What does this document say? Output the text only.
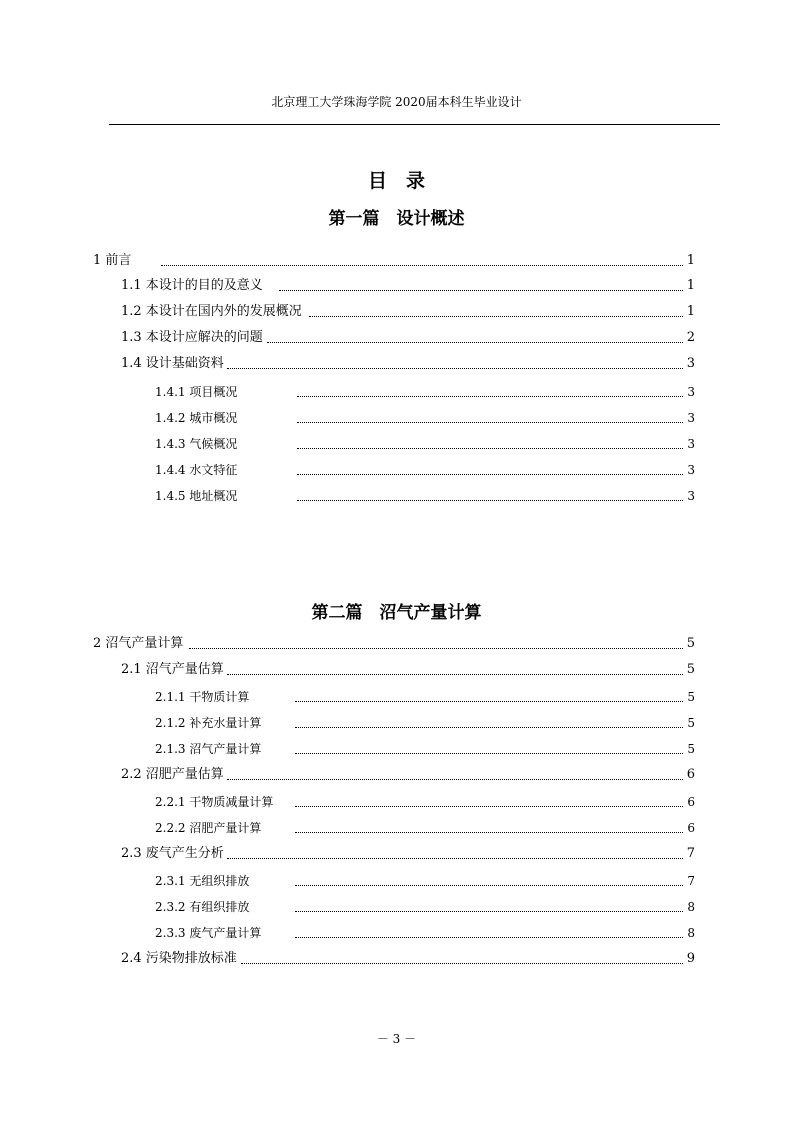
北京理工大学珠海学院 2020届本科生毕业设计
目　录
第一篇　设计概述
1 前言	1
1.1 本设计的目的及意义	1
1.2 本设计在国内外的发展概况	1
1.3 本设计应解决的问题	2
1.4 设计基础资料	3
1.4.1 项目概况	3
1.4.2 城市概况	3
1.4.3 气候概况	3
1.4.4 水文特征	3
1.4.5 地址概况	3
第二篇　沼气产量计算
2 沼气产量计算	5
2.1 沼气产量估算	5
2.1.1 干物质计算	5
2.1.2 补充水量计算	5
2.1.3 沼气产量计算	5
2.2 沼肥产量估算	6
2.2.1 干物质减量计算	6
2.2.2 沼肥产量计算	6
2.3 废气产生分析	7
2.3.1 无组织排放	7
2.3.2 有组织排放	8
2.3.3 废气产量计算	8
2.4 污染物排放标准	9
－ 3 －
